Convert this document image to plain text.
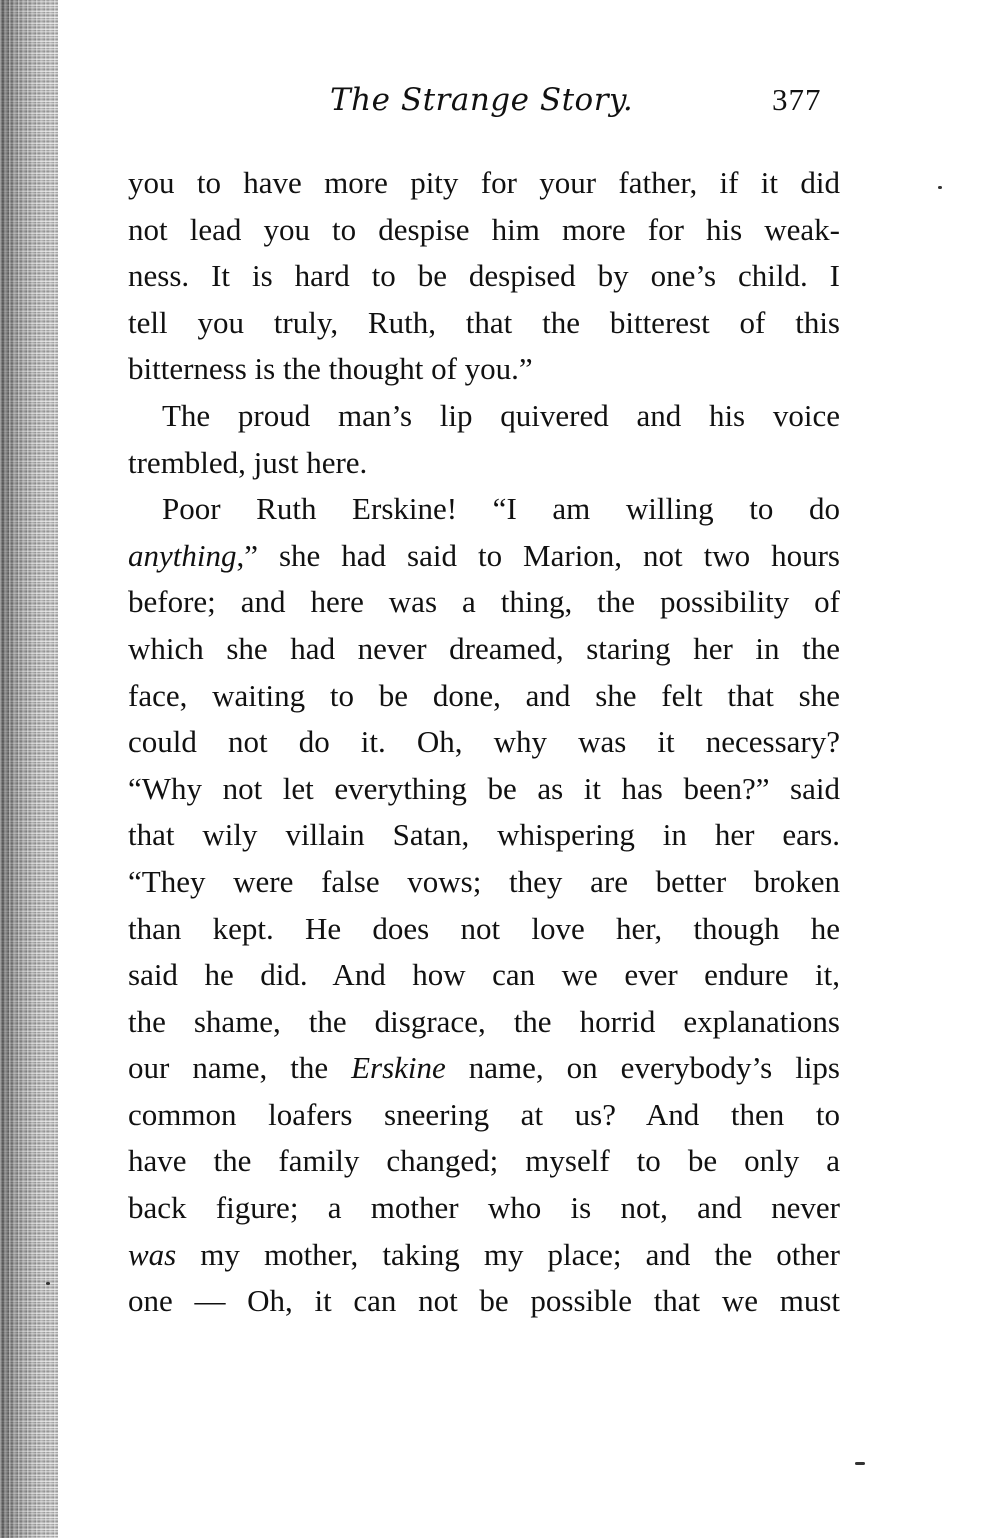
The Strange Story.	377
you to have more pity for your father, if it did
not lead you to despise him more for his weak-
ness. It is hard to be despised by one’s child. I
tell you truly, Ruth, that the bitterest of this
bitterness is the thought of you.”
The proud man’s lip quivered and his voice
trembled, just here.
Poor Ruth Erskine! “I am willing to do
anything,” she had said to Marion, not two hours
before; and here was a thing, the possibility of
which she had never dreamed, staring her in the
face, waiting to be done, and she felt that she
could not do it. Oh, why was it necessary?
“Why not let everything be as it has been?” said
that wily villain Satan, whispering in her ears.
“They were false vows; they are better broken
than kept. He does not love her, though he
said he did. And how can we ever endure it,
the shame, the disgrace, the horrid explanations
our name, the Erskine name, on everybody’s lips
common loafers sneering at us? And then to
have the family changed; myself to be only a
back figure; a mother who is not, and never
was my mother, taking my place; and the other
one — Oh, it can not be possible that we must
